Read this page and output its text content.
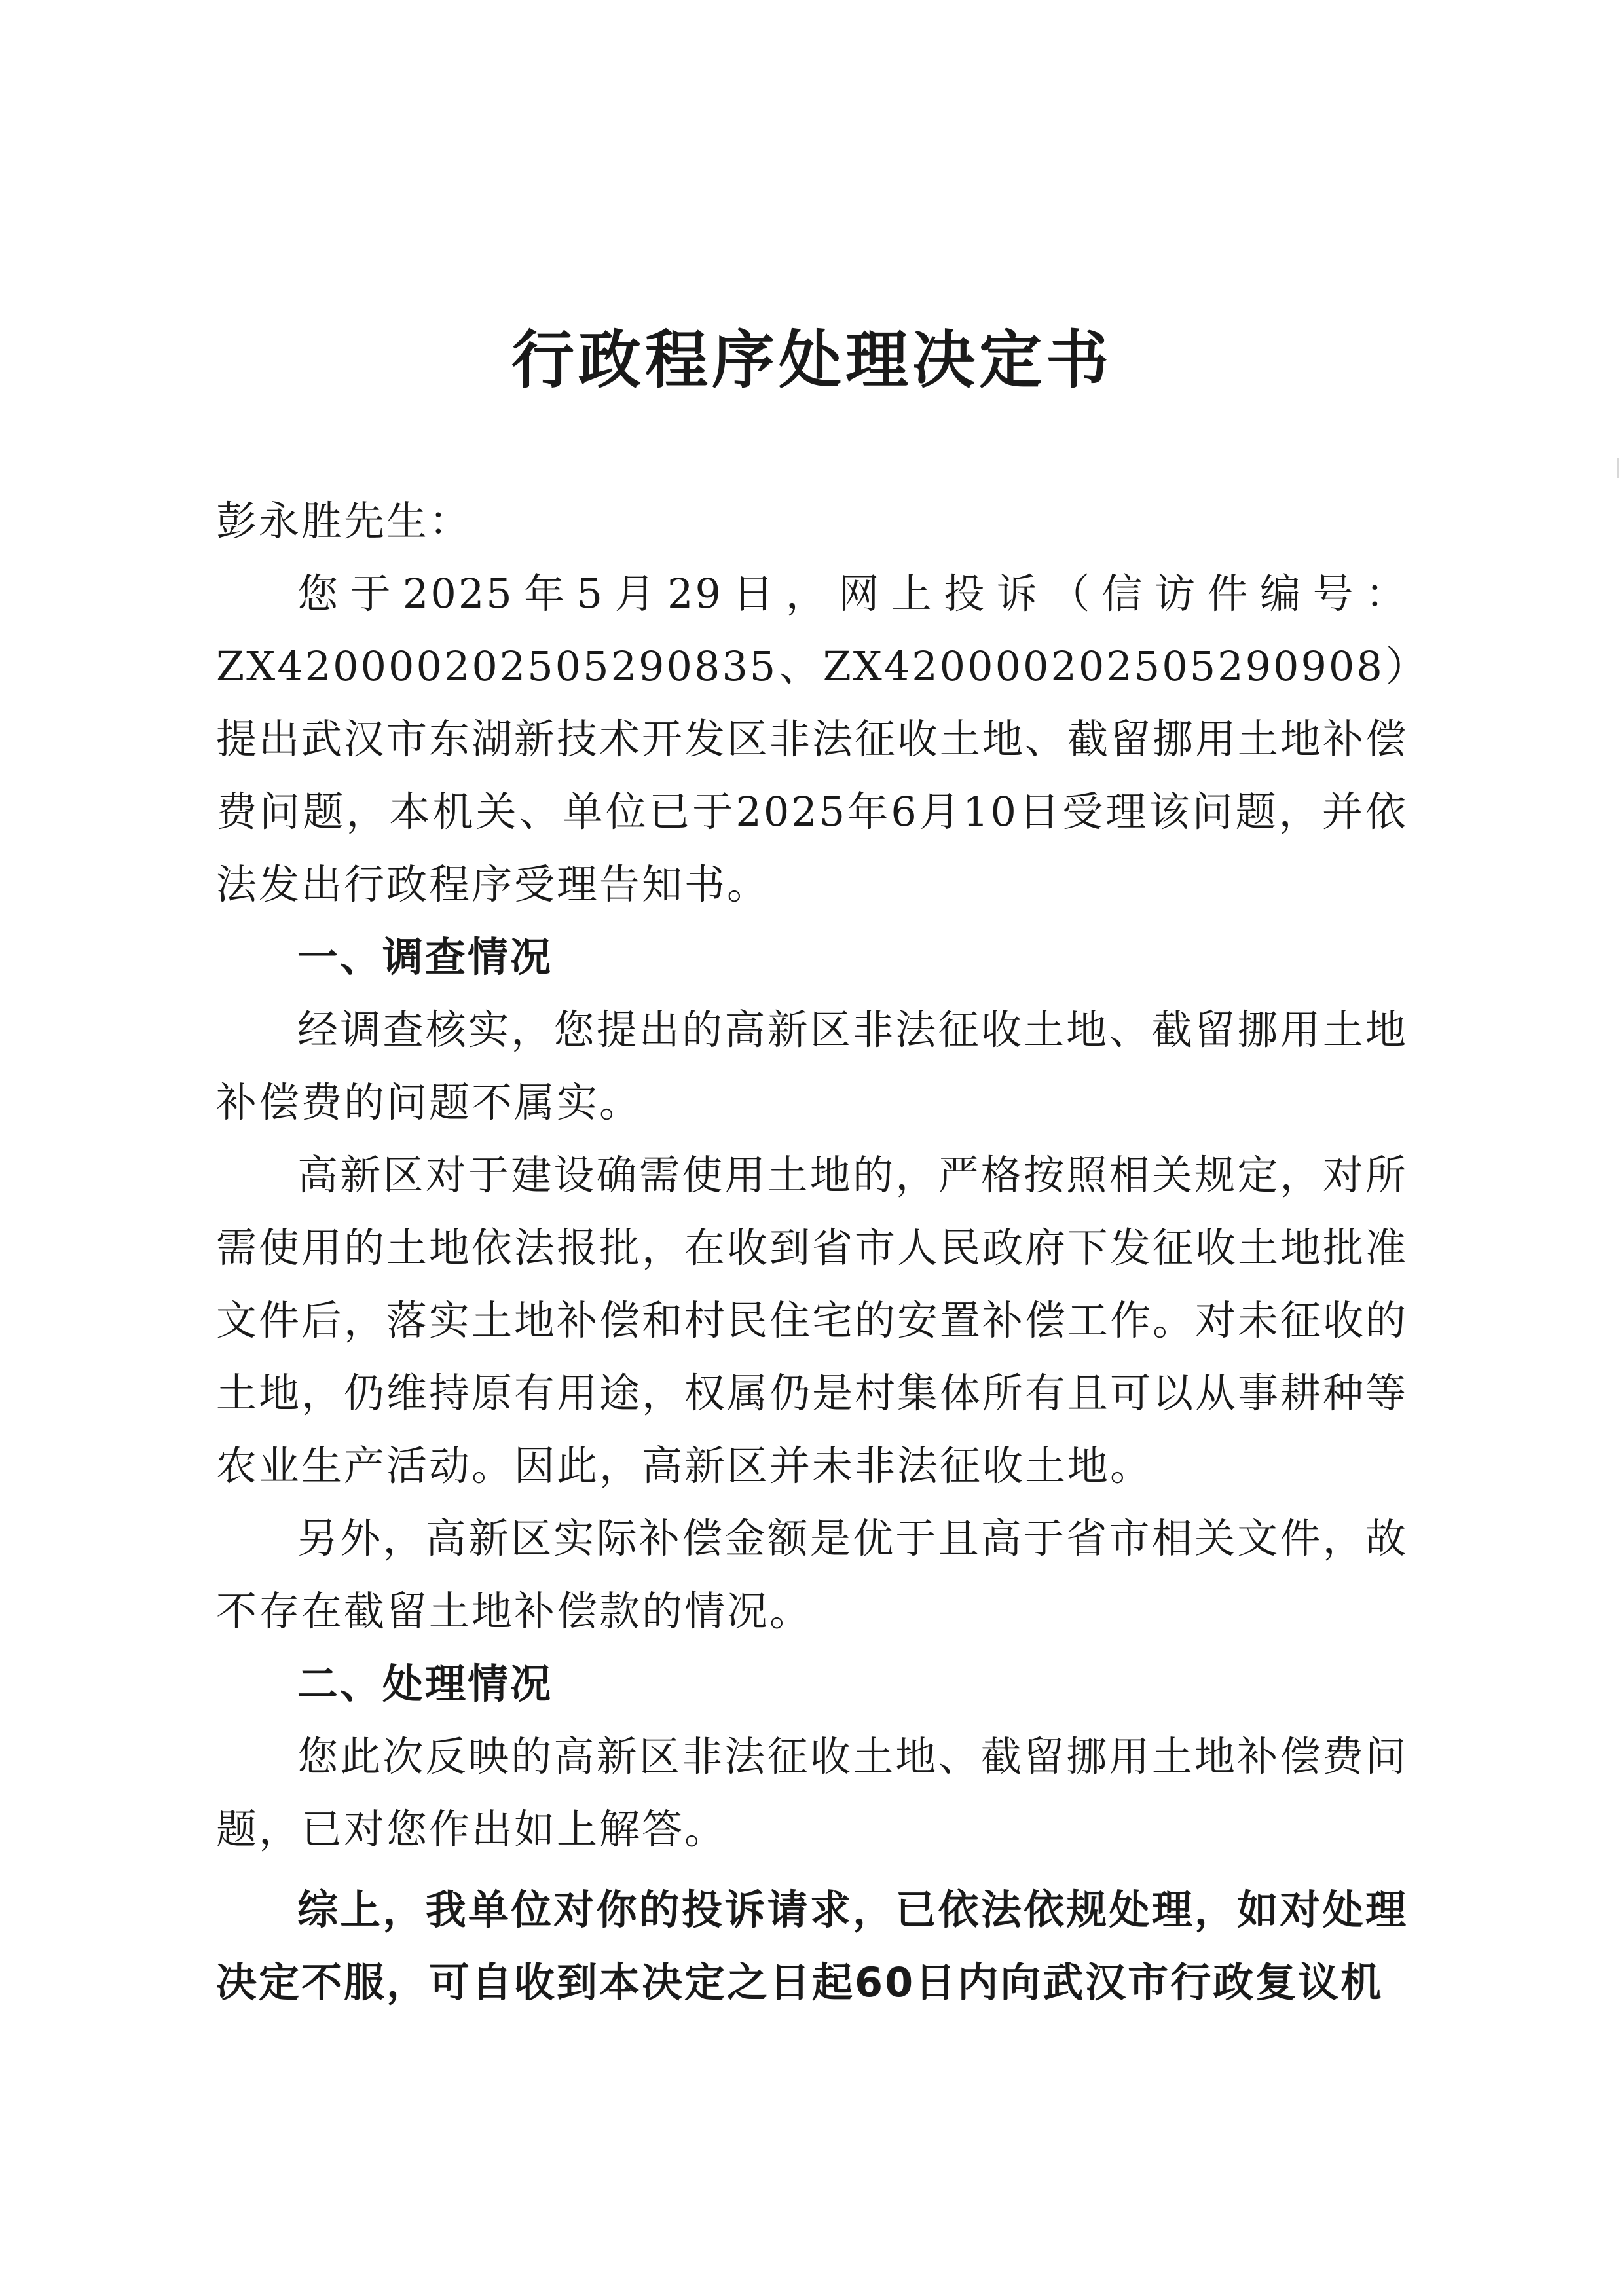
行政程序处理决定书

彭永胜先生：

您于2025年5月29日，网上投诉（信访件编号：ZX420000202505290835、ZX420000202505290908）提出武汉市东湖新技术开发区非法征收土地、截留挪用土地补偿费问题，本机关、单位已于2025年6月10日受理该问题，并依法发出行政程序受理告知书。

一、调查情况

经调查核实，您提出的高新区非法征收土地、截留挪用土地补偿费的问题不属实。

高新区对于建设确需使用土地的，严格按照相关规定，对所需使用的土地依法报批，在收到省市人民政府下发征收土地批准文件后，落实土地补偿和村民住宅的安置补偿工作。对未征收的土地，仍维持原有用途，权属仍是村集体所有且可以从事耕种等农业生产活动。因此，高新区并未非法征收土地。

另外，高新区实际补偿金额是优于且高于省市相关文件，故不存在截留土地补偿款的情况。

二、处理情况

您此次反映的高新区非法征收土地、截留挪用土地补偿费问题，已对您作出如上解答。

综上，我单位对你的投诉请求，已依法依规处理，如对处理决定不服，可自收到本决定之日起60日内向武汉市行政复议机
